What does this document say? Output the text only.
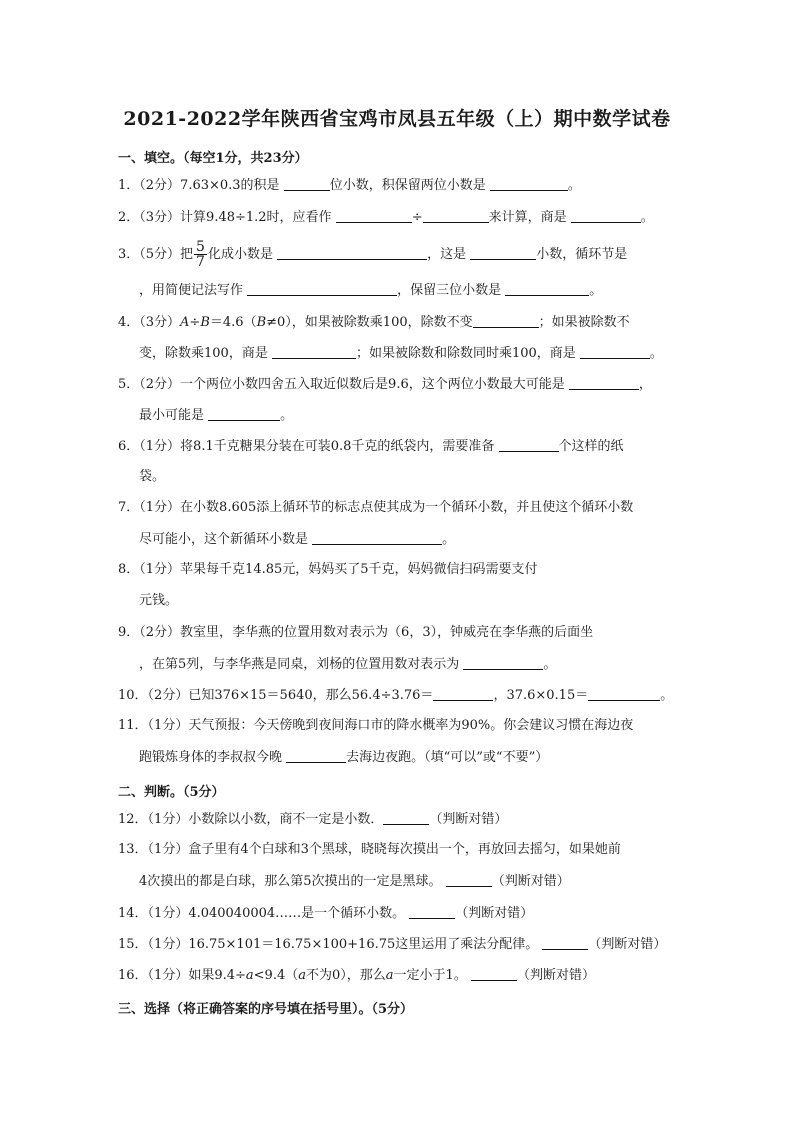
2021-2022学年陕西省宝鸡市凤县五年级（上）期中数学试卷
一、填空。（每空1分，共23分）
1．（2分）7.63×0.3的积是	位小数，积保留两位小数是	。
2．（3分）计算9.48÷1.2时，应看作	÷	来计算，商是	。
3．（5分）把 $\frac{5}{7}$ 化成小数是	，这是	小数，循环节是
，用简便记法写作	，保留三位小数是	。
4．（3分）A÷B＝4.6（B≠0），如果被除数乘100，除数不变	；如果被除数不
变，除数乘100，商是	；如果被除数和除数同时乘100，商是	。
5．（2分）一个两位小数四舍五入取近似数后是9.6，这个两位小数最大可能是	，
最小可能是	。
6．（1分）将8.1千克糖果分装在可装0.8千克的纸袋内，需要准备	个这样的纸
袋。
7．（1分）在小数8.605添上循环节的标志点使其成为一个循环小数，并且使这个循环小数
尽可能小，这个新循环小数是	。
8．（1分）苹果每千克14.85元，妈妈买了5千克，妈妈微信扫码需要支付
元钱。
9．（2分）教室里，李华燕的位置用数对表示为（6，3），钟威亮在李华燕的后面坐
，在第5列，与李华燕是同桌，刘杨的位置用数对表示为	。
10．（2分）已知376×15＝5640，那么56.4÷3.76＝	，37.6×0.15＝	。
11．（1分）天气预报：今天傍晚到夜间海口市的降水概率为90%。你会建议习惯在海边夜
跑锻炼身体的李叔叔今晚	去海边夜跑。（填“可以”或“不要”）
二、判断。（5分）
12．（1分）小数除以小数，商不一定是小数．	（判断对错）
13．（1分）盒子里有4个白球和3个黑球，晓晓每次摸出一个，再放回去摇匀，如果她前
4次摸出的都是白球，那么第5次摸出的一定是黑球。	（判断对错）
14．（1分）4.040040004……是一个循环小数。	（判断对错）
15．（1分）16.75×101＝16.75×100+16.75这里运用了乘法分配律。	（判断对错）
16．（1分）如果9.4÷a<9.4（a不为0），那么a一定小于1。	（判断对错）
三、选择（将正确答案的序号填在括号里）。（5分）
